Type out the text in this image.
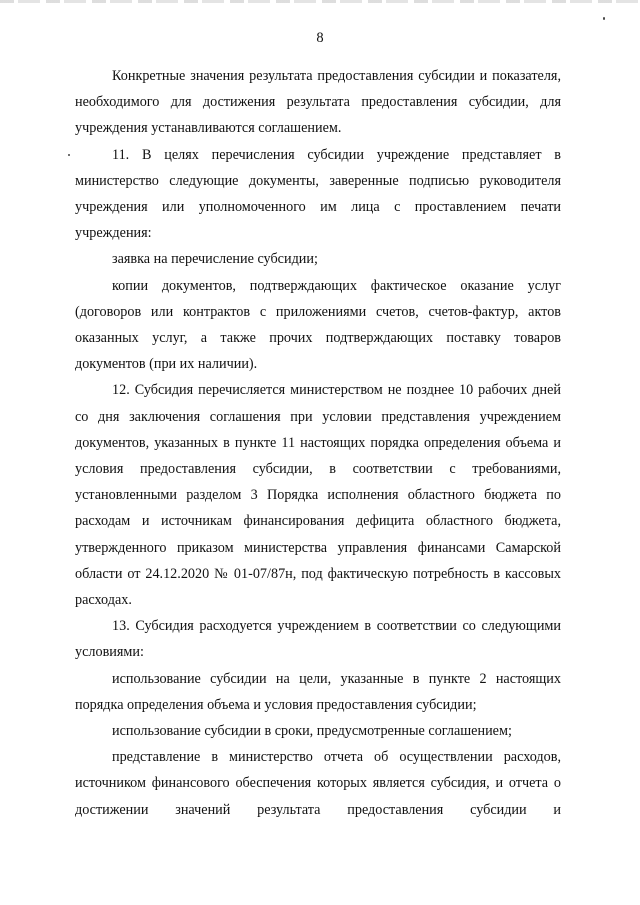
8

Конкретные значения результата предоставления субсидии и показателя, необходимого для достижения результата предоставления субсидии, для учреждения устанавливаются соглашением.

11. В целях перечисления субсидии учреждение представляет в министерство следующие документы, заверенные подписью руководителя учреждения или уполномоченного им лица с проставлением печати учреждения:

заявка на перечисление субсидии;

копии документов, подтверждающих фактическое оказание услуг (договоров или контрактов с приложениями счетов, счетов-фактур, актов оказанных услуг, а также прочих подтверждающих поставку товаров документов (при их наличии).

12. Субсидия перечисляется министерством не позднее 10 рабочих дней со дня заключения соглашения при условии представления учреждением документов, указанных в пункте 11 настоящих порядка определения объема и условия предоставления субсидии, в соответствии с требованиями, установленными разделом 3 Порядка исполнения областного бюджета по расходам и источникам финансирования дефицита областного бюджета, утвержденного приказом министерства управления финансами Самарской области от 24.12.2020 № 01-07/87н, под фактическую потребность в кассовых расходах.

13. Субсидия расходуется учреждением в соответствии со следующими условиями:

использование субсидии на цели, указанные в пункте 2 настоящих порядка определения объема и условия предоставления субсидии;

использование субсидии в сроки, предусмотренные соглашением;

представление в министерство отчета об осуществлении расходов, источником финансового обеспечения которых является субсидия, и отчета о достижении значений результата предоставления субсидии и
